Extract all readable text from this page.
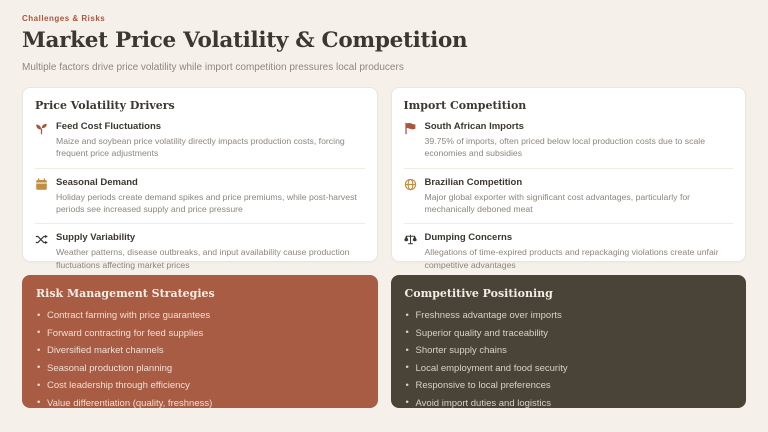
Challenges & Risks
Market Price Volatility & Competition
Multiple factors drive price volatility while import competition pressures local producers
Price Volatility Drivers
Feed Cost Fluctuations
Maize and soybean price volatility directly impacts production costs, forcing frequent price adjustments
Seasonal Demand
Holiday periods create demand spikes and price premiums, while post-harvest periods see increased supply and price pressure
Supply Variability
Weather patterns, disease outbreaks, and input availability cause production fluctuations affecting market prices
Import Competition
South African Imports
39.75% of imports, often priced below local production costs due to scale economies and subsidies
Brazilian Competition
Major global exporter with significant cost advantages, particularly for mechanically deboned meat
Dumping Concerns
Allegations of time-expired products and repackaging violations create unfair competitive advantages
Risk Management Strategies
• Contract farming with price guarantees
• Forward contracting for feed supplies
• Diversified market channels
• Seasonal production planning
• Cost leadership through efficiency
• Value differentiation (quality, freshness)
Competitive Positioning
• Freshness advantage over imports
• Superior quality and traceability
• Shorter supply chains
• Local employment and food security
• Responsive to local preferences
• Avoid import duties and logistics
